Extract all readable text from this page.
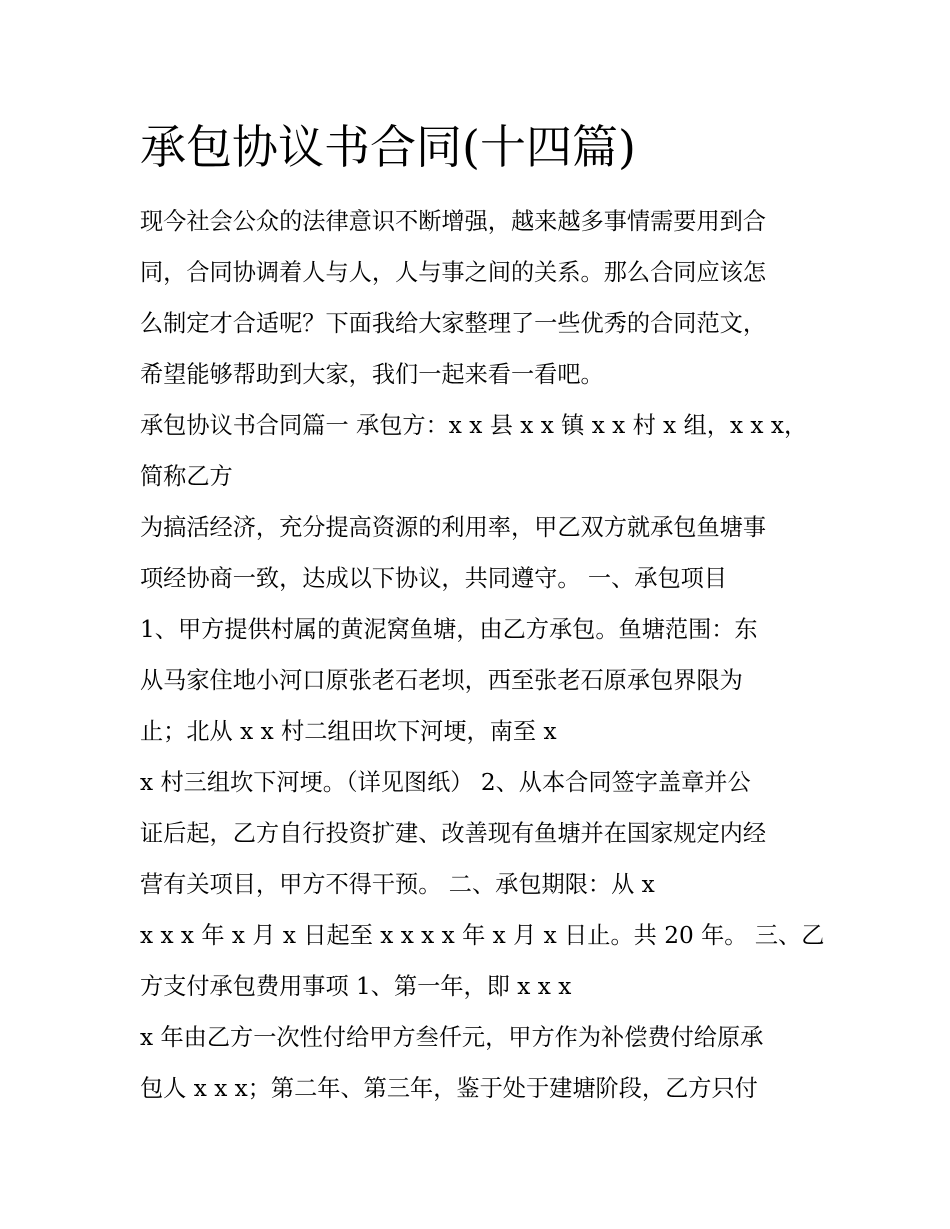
承包协议书合同(十四篇)

现今社会公众的法律意识不断增强，越来越多事情需要用到合

同，合同协调着人与人，人与事之间的关系。那么合同应该怎

么制定才合适呢？下面我给大家整理了一些优秀的合同范文，

希望能够帮助到大家，我们一起来看一看吧。

承包协议书合同篇一 承包方：x x 县 x x 镇 x x 村 x 组，x x x，

简称乙方

为搞活经济，充分提高资源的利用率，甲乙双方就承包鱼塘事

项经协商一致，达成以下协议，共同遵守。 一、承包项目

1、甲方提供村属的黄泥窝鱼塘，由乙方承包。鱼塘范围：东

从马家住地小河口原张老石老坝，西至张老石原承包界限为

止；北从 x x 村二组田坎下河埂，南至 x

x 村三组坎下河埂。（详见图纸） 2、从本合同签字盖章并公

证后起，乙方自行投资扩建、改善现有鱼塘并在国家规定内经

营有关项目，甲方不得干预。 二、承包期限：从 x

x x x 年 x 月 x 日起至 x x x x 年 x 月 x 日止。共 20 年。 三、乙

方支付承包费用事项 1、第一年，即 x x x

x 年由乙方一次性付给甲方叁仟元，甲方作为补偿费付给原承

包人 x x x；第二年、第三年，鉴于处于建塘阶段，乙方只付
